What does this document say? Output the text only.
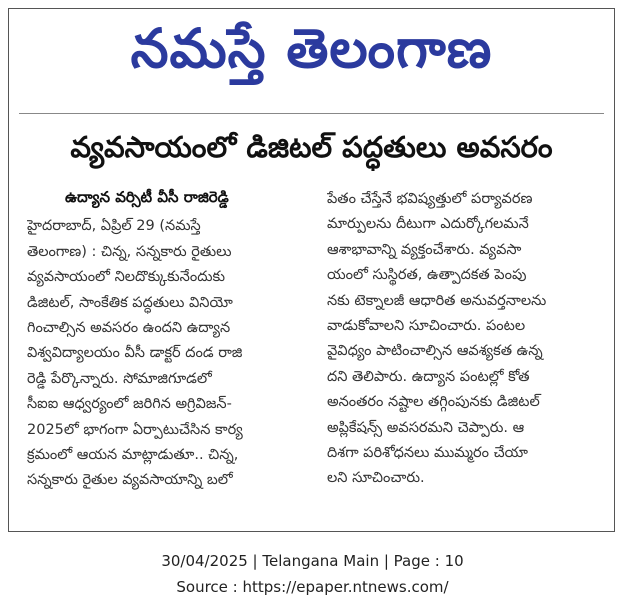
నమస్తే తెలంగాణ
వ్యవసాయంలో డిజిటల్ పద్ధతులు అవసరం
ఉద్యాన వర్సిటీ వీసీ రాజిరెడ్డి
హైదరాబాద్, ఏప్రిల్ 29 (నమస్తే
తెలంగాణ) : చిన్న, సన్నకారు రైతులు
వ్యవసాయంలో నిలదొక్కుకునేందుకు
డిజిటల్, సాంకేతిక పద్ధతులు వినియో
గించాల్సిన అవసరం ఉందని ఉద్యాన
విశ్వవిద్యాలయం వీసీ డాక్టర్ దండ రాజి
రెడ్డి పేర్కొన్నారు. సోమాజిగూడలో
సీఐఐ ఆధ్వర్యంలో జరిగిన అగ్రివిజన్-
2025లో భాగంగా ఏర్పాటుచేసిన కార్య
క్రమంలో ఆయన మాట్లాడుతూ.. చిన్న,
సన్నకారు రైతుల వ్యవసాయాన్ని బలో
పేతం చేస్తేనే భవిష్యత్తులో పర్యావరణ
మార్పులను దీటుగా ఎదుర్కోగలమనే
ఆశాభావాన్ని వ్యక్తంచేశారు. వ్యవసా
యంలో సుస్థిరత, ఉత్పాదకత పెంపు
నకు టెక్నాలజీ ఆధారిత అనువర్తనాలను
వాడుకోవాలని సూచించారు. పంటల
వైవిధ్యం పాటించాల్సిన ఆవశ్యకత ఉన్న
దని తెలిపారు. ఉద్యాన పంటల్లో కోత
అనంతరం నష్టాల తగ్గింపునకు డిజిటల్
అప్లికేషన్స్ అవసరమని చెప్పారు. ఆ
దిశగా పరిశోధనలు ముమ్మరం చేయా
లని సూచించారు.
30/04/2025 | Telangana Main | Page : 10
Source : https://epaper.ntnews.com/
